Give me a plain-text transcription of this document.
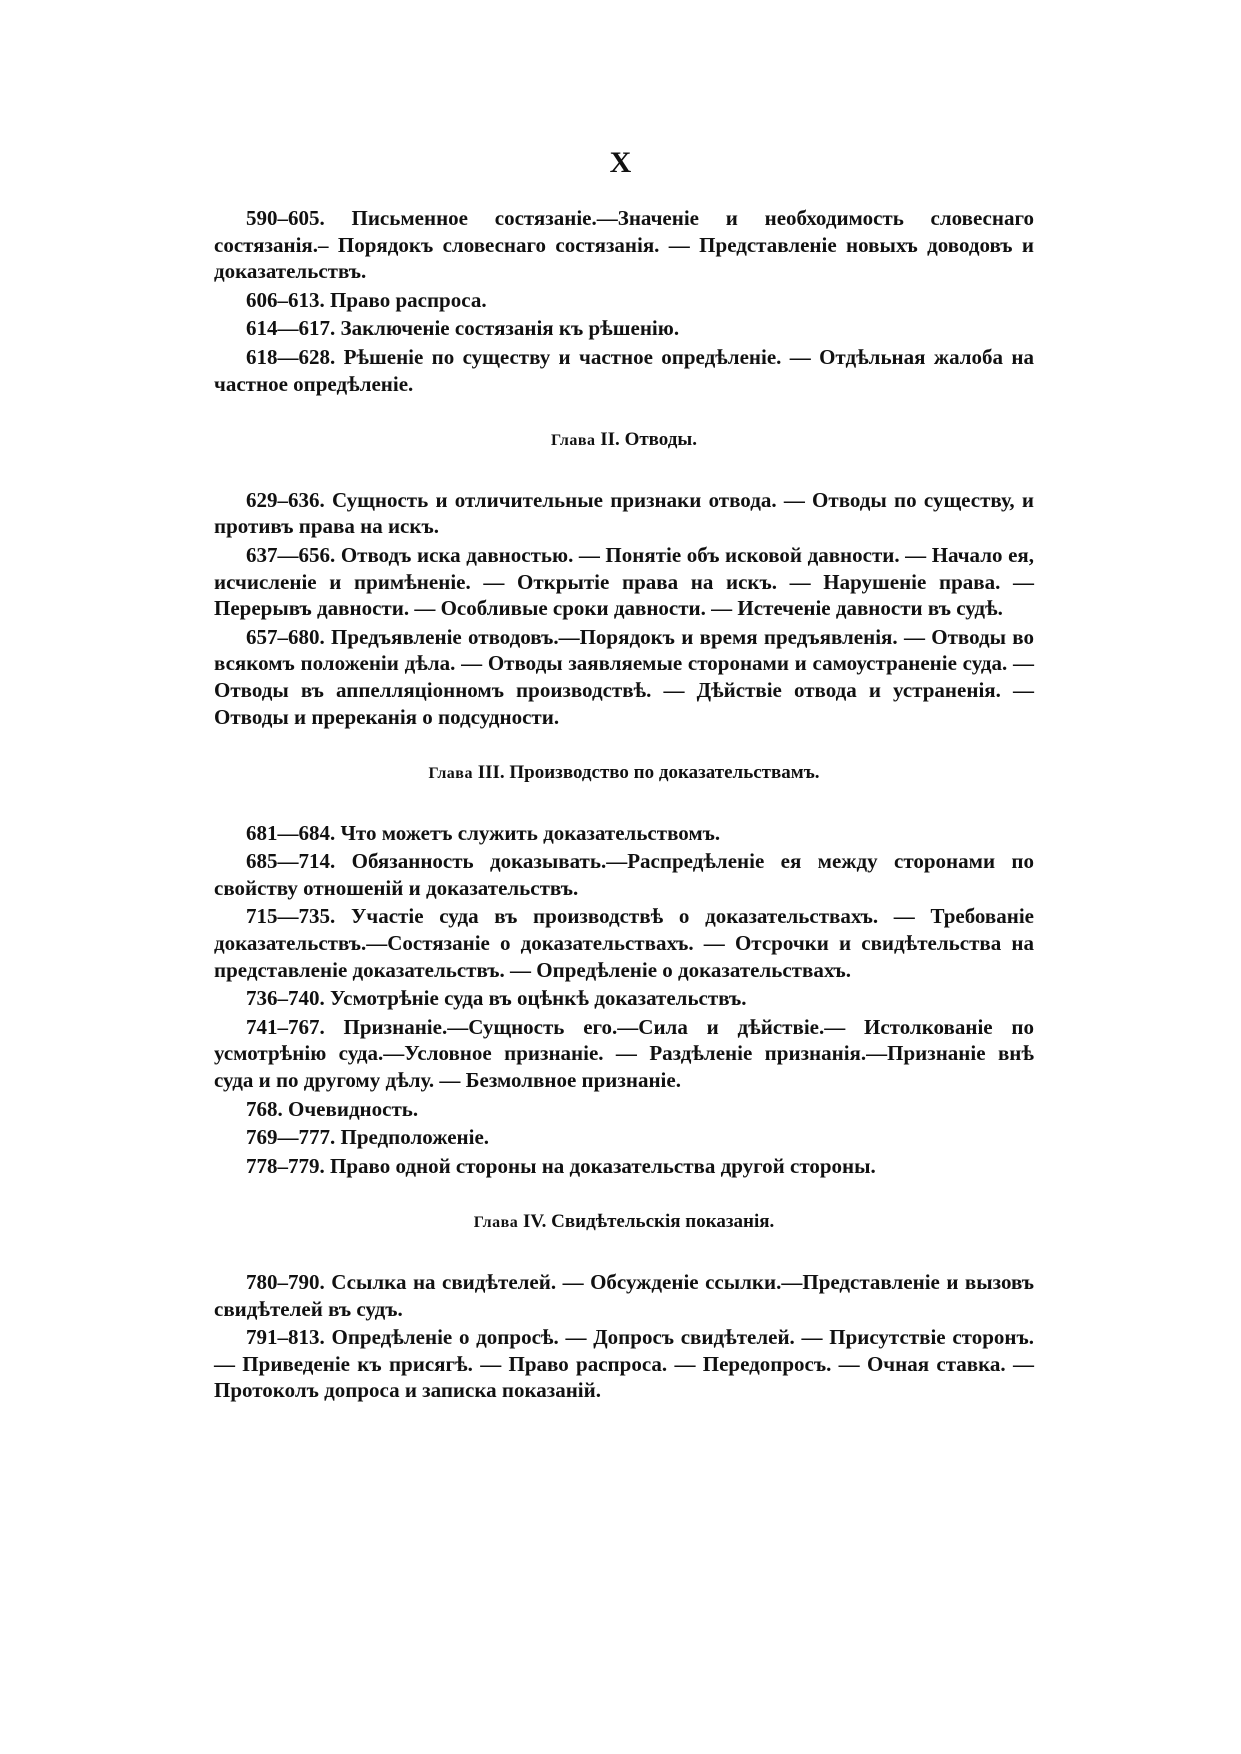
X

590–605. Письменное состязаніе.—Значеніе и необходимость словеснаго состязанія.– Порядокъ словеснаго состязанія. — Представленіе новыхъ доводовъ и доказательствъ.

606–613. Право распроса.

614—617. Заключеніе состязанія къ рѣшенію.

618—628. Рѣшеніе по существу и частное опредѣленіе. — Отдѣльная жалоба на частное опредѣленіе.

Глава II. Отводы.

629–636. Сущность и отличительные признаки отвода. — Отводы по существу, и противъ права на искъ.

637—656. Отводъ иска давностью. — Понятіе объ исковой давности. — Начало ея, исчисленіе и примѣненіе. — Открытіе права на искъ. — Нарушеніе права. — Перерывъ давности. — Особливые сроки давности. — Истеченіе давности въ судѣ.

657–680. Предъявленіе отводовъ.—Порядокъ и время предъявленія. — Отводы во всякомъ положеніи дѣла. — Отводы заявляемые сторонами и самоустраненіе суда. — Отводы въ аппелляціонномъ производствѣ. — Дѣйствіе отвода и устраненія. — Отводы и пререканія о подсудности.

Глава III. Производство по доказательствамъ.

681—684. Что можетъ служить доказательствомъ.

685—714. Обязанность доказывать.—Распредѣленіе ея между сторонами по свойству отношеній и доказательствъ.

715—735. Участіе суда въ производствѣ о доказательствахъ. — Требованіе доказательствъ.—Состязаніе о доказательствахъ. — Отсрочки и свидѣтельства на представленіе доказательствъ. — Опредѣленіе о доказательствахъ.

736–740. Усмотрѣніе суда въ оцѣнкѣ доказательствъ.

741–767. Признаніе.—Сущность его.—Сила и дѣйствіе.— Истолкованіе по усмотрѣнію суда.—Условное признаніе. — Раздѣленіе признанія.—Признаніе внѣ суда и по другому дѣлу. — Безмолвное признаніе.

768. Очевидность.

769—777. Предположеніе.

778–779. Право одной стороны на доказательства другой стороны.

Глава IV. Свидѣтельскія показанія.

780–790. Ссылка на свидѣтелей. — Обсужденіе ссылки.—Представленіе и вызовъ свидѣтелей въ судъ.

791–813. Опредѣленіе о допросѣ. — Допросъ свидѣтелей. — Присутствіе сторонъ. — Приведеніе къ присягѣ. — Право распроса. — Передопросъ. — Очная ставка. — Протоколъ допроса и записка показаній.
